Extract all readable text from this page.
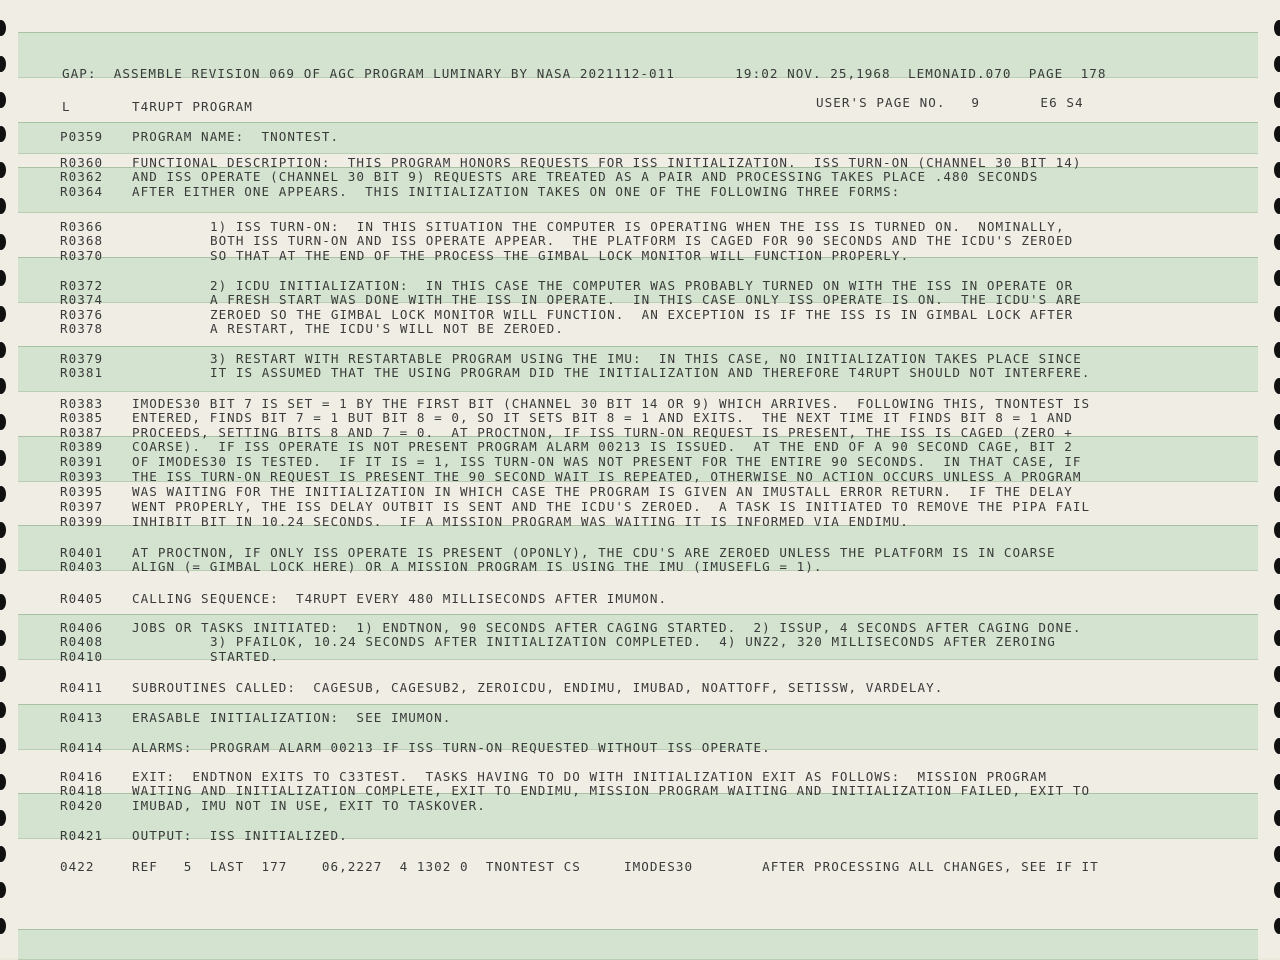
GAP:  ASSEMBLE REVISION 069 OF AGC PROGRAM LUMINARY BY NASA 2021112-011       19:02 NOV. 25,1968  LEMONAID.070  PAGE  178
L	T4RUPT PROGRAM	USER'S PAGE NO.   9       E6 S4
P0359 PROGRAM NAME:  TNONTEST.
R0360 FUNCTIONAL DESCRIPTION:  THIS PROGRAM HONORS REQUESTS FOR ISS INITIALIZATION.  ISS TURN-ON (CHANNEL 30 BIT 14)
R0362 AND ISS OPERATE (CHANNEL 30 BIT 9) REQUESTS ARE TREATED AS A PAIR AND PROCESSING TAKES PLACE .480 SECONDS
R0364 AFTER EITHER ONE APPEARS.  THIS INITIALIZATION TAKES ON ONE OF THE FOLLOWING THREE FORMS:
R0366	1) ISS TURN-ON:  IN THIS SITUATION THE COMPUTER IS OPERATING WHEN THE ISS IS TURNED ON.  NOMINALLY,
R0368	BOTH ISS TURN-ON AND ISS OPERATE APPEAR.  THE PLATFORM IS CAGED FOR 90 SECONDS AND THE ICDU'S ZEROED
R0370	SO THAT AT THE END OF THE PROCESS THE GIMBAL LOCK MONITOR WILL FUNCTION PROPERLY.
R0372	2) ICDU INITIALIZATION:  IN THIS CASE THE COMPUTER WAS PROBABLY TURNED ON WITH THE ISS IN OPERATE OR
R0374	A FRESH START WAS DONE WITH THE ISS IN OPERATE.  IN THIS CASE ONLY ISS OPERATE IS ON.  THE ICDU'S ARE
R0376	ZEROED SO THE GIMBAL LOCK MONITOR WILL FUNCTION.  AN EXCEPTION IS IF THE ISS IS IN GIMBAL LOCK AFTER
R0378	A RESTART, THE ICDU'S WILL NOT BE ZEROED.
R0379	3) RESTART WITH RESTARTABLE PROGRAM USING THE IMU:  IN THIS CASE, NO INITIALIZATION TAKES PLACE SINCE
R0381	IT IS ASSUMED THAT THE USING PROGRAM DID THE INITIALIZATION AND THEREFORE T4RUPT SHOULD NOT INTERFERE.
R0383 IMODES30 BIT 7 IS SET = 1 BY THE FIRST BIT (CHANNEL 30 BIT 14 OR 9) WHICH ARRIVES.  FOLLOWING THIS, TNONTEST IS
R0385 ENTERED, FINDS BIT 7 = 1 BUT BIT 8 = 0, SO IT SETS BIT 8 = 1 AND EXITS.  THE NEXT TIME IT FINDS BIT 8 = 1 AND
R0387 PROCEEDS, SETTING BITS 8 AND 7 = 0.  AT PROCTNON, IF ISS TURN-ON REQUEST IS PRESENT, THE ISS IS CAGED (ZERO +
R0389 COARSE).  IF ISS OPERATE IS NOT PRESENT PROGRAM ALARM 00213 IS ISSUED.  AT THE END OF A 90 SECOND CAGE, BIT 2
R0391 OF IMODES30 IS TESTED.  IF IT IS = 1, ISS TURN-ON WAS NOT PRESENT FOR THE ENTIRE 90 SECONDS.  IN THAT CASE, IF
R0393 THE ISS TURN-ON REQUEST IS PRESENT THE 90 SECOND WAIT IS REPEATED, OTHERWISE NO ACTION OCCURS UNLESS A PROGRAM
R0395 WAS WAITING FOR THE INITIALIZATION IN WHICH CASE THE PROGRAM IS GIVEN AN IMUSTALL ERROR RETURN.  IF THE DELAY
R0397 WENT PROPERLY, THE ISS DELAY OUTBIT IS SENT AND THE ICDU'S ZEROED.  A TASK IS INITIATED TO REMOVE THE PIPA FAIL
R0399 INHIBIT BIT IN 10.24 SECONDS.  IF A MISSION PROGRAM WAS WAITING IT IS INFORMED VIA ENDIMU.
R0401 AT PROCTNON, IF ONLY ISS OPERATE IS PRESENT (OPONLY), THE CDU'S ARE ZEROED UNLESS THE PLATFORM IS IN COARSE
R0403 ALIGN (= GIMBAL LOCK HERE) OR A MISSION PROGRAM IS USING THE IMU (IMUSEFLG = 1).
R0405 CALLING SEQUENCE:  T4RUPT EVERY 480 MILLISECONDS AFTER IMUMON.
R0406 JOBS OR TASKS INITIATED:  1) ENDTNON, 90 SECONDS AFTER CAGING STARTED.  2) ISSUP, 4 SECONDS AFTER CAGING DONE.
R0408	3) PFAILOK, 10.24 SECONDS AFTER INITIALIZATION COMPLETED.  4) UNZ2, 320 MILLISECONDS AFTER ZEROING
R0410	STARTED.
R0411 SUBROUTINES CALLED:  CAGESUB, CAGESUB2, ZEROICDU, ENDIMU, IMUBAD, NOATTOFF, SETISSW, VARDELAY.
R0413 ERASABLE INITIALIZATION:  SEE IMUMON.
R0414 ALARMS:  PROGRAM ALARM 00213 IF ISS TURN-ON REQUESTED WITHOUT ISS OPERATE.
R0416 EXIT:  ENDTNON EXITS TO C33TEST.  TASKS HAVING TO DO WITH INITIALIZATION EXIT AS FOLLOWS:  MISSION PROGRAM
R0418 WAITING AND INITIALIZATION COMPLETE, EXIT TO ENDIMU, MISSION PROGRAM WAITING AND INITIALIZATION FAILED, EXIT TO
R0420 IMUBAD, IMU NOT IN USE, EXIT TO TASKOVER.
R0421 OUTPUT:  ISS INITIALIZED.
0422	REF   5  LAST  177    06,2227  4 1302 0  TNONTEST CS     IMODES30        AFTER PROCESSING ALL CHANGES, SEE IF IT
